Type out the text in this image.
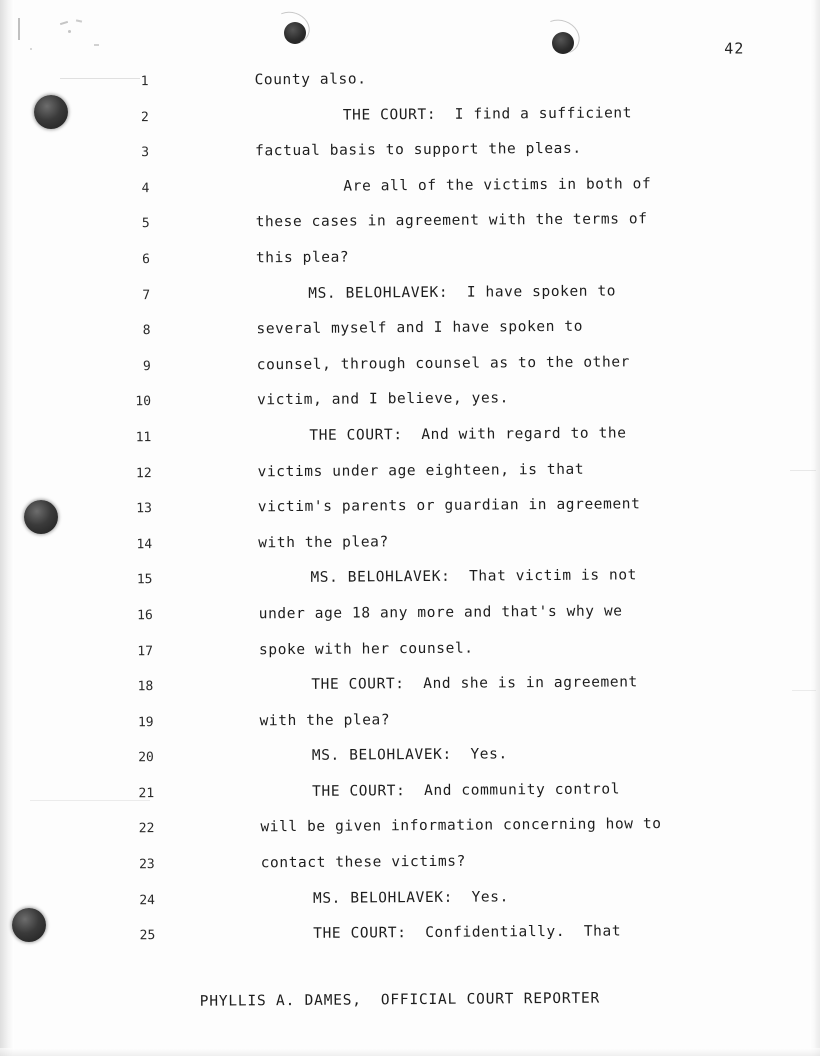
42
1
2
3
4
5
6
7
8
9
10
11
12
13
14
15
16
17
18
19
20
21
22
23
24
25
County also.
THE COURT:  I find a sufficient
factual basis to support the pleas.
Are all of the victims in both of
these cases in agreement with the terms of
this plea?
MS. BELOHLAVEK:  I have spoken to
several myself and I have spoken to
counsel, through counsel as to the other
victim, and I believe, yes.
THE COURT:  And with regard to the
victims under age eighteen, is that
victim's parents or guardian in agreement
with the plea?
MS. BELOHLAVEK:  That victim is not
under age 18 any more and that's why we
spoke with her counsel.
THE COURT:  And she is in agreement
with the plea?
MS. BELOHLAVEK:  Yes.
THE COURT:  And community control
will be given information concerning how to
contact these victims?
MS. BELOHLAVEK:  Yes.
THE COURT:  Confidentially.  That
PHYLLIS A. DAMES,  OFFICIAL COURT REPORTER
